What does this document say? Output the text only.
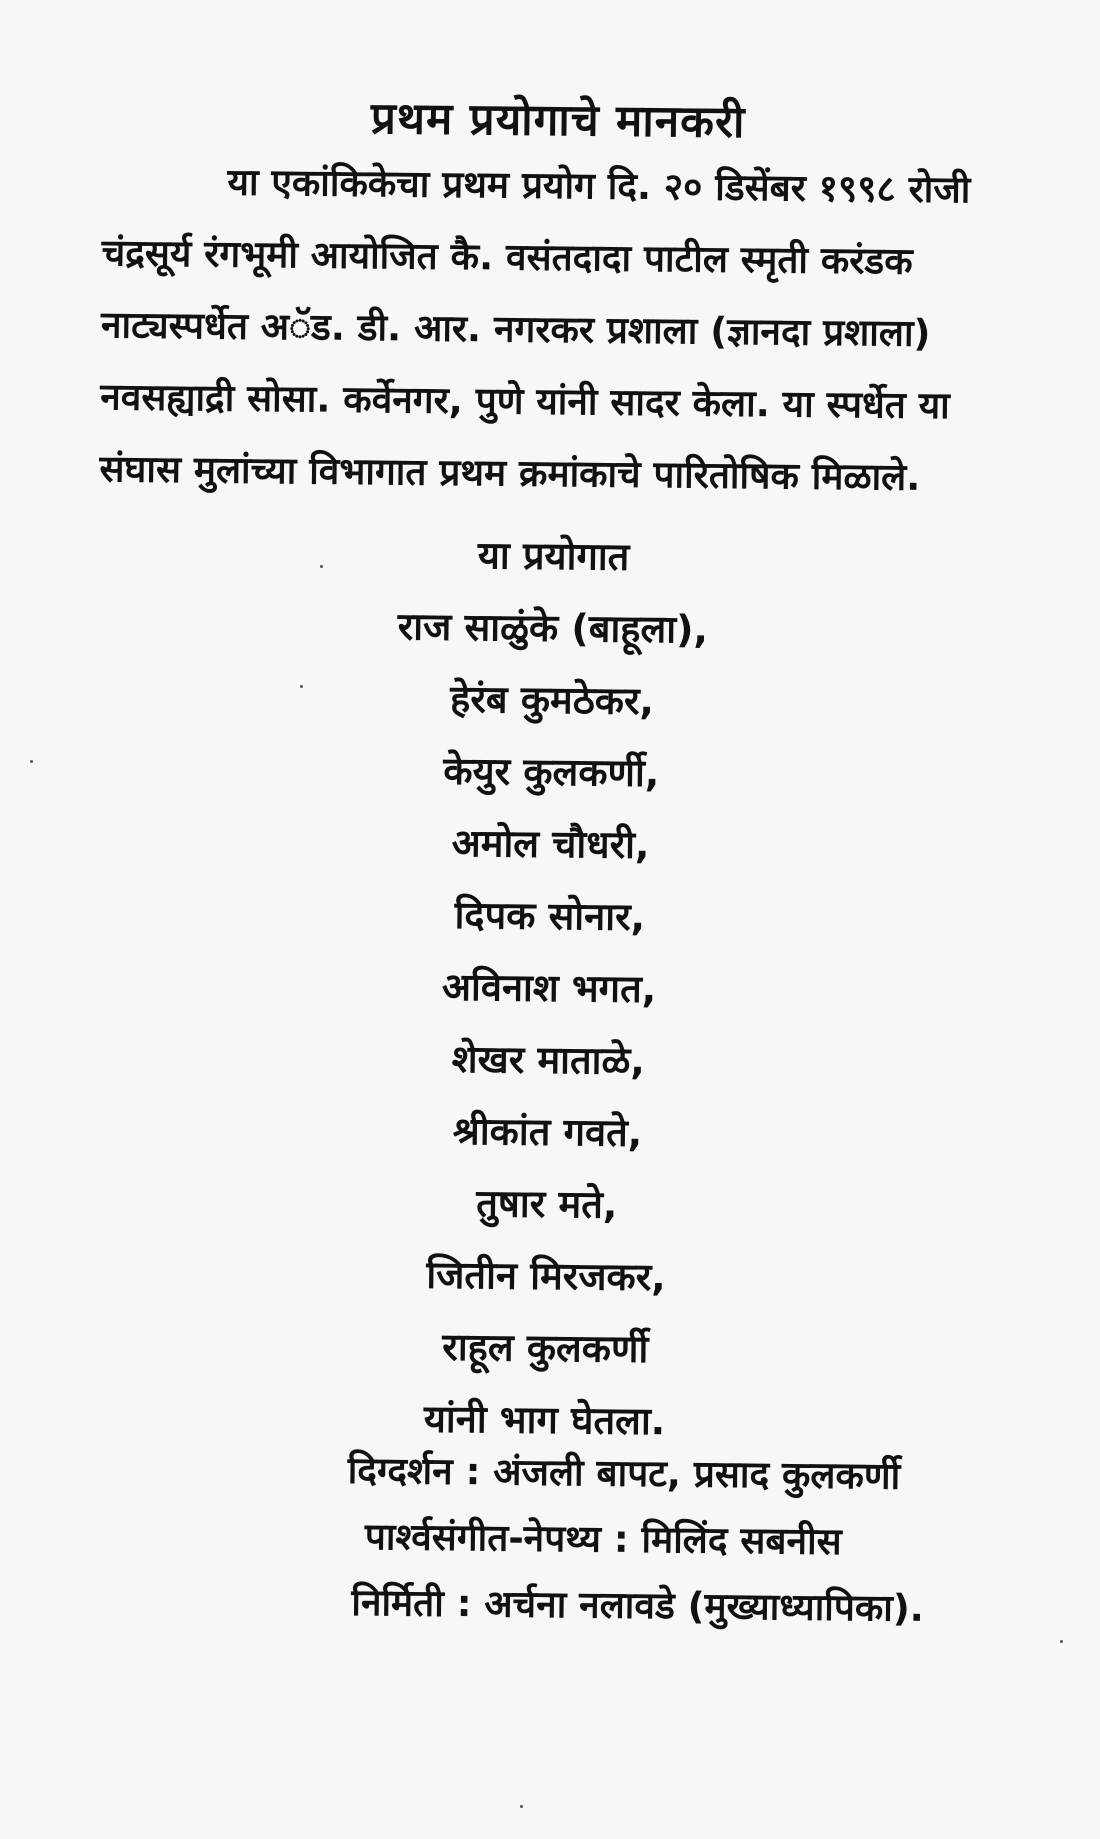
प्रथम प्रयोगाचे मानकरी
या एकांकिकेचा प्रथम प्रयोग दि. २० डिसेंबर १९९८ रोजी
चंद्रसूर्य रंगभूमी आयोजित कै. वसंतदादा पाटील स्मृती करंडक
नाट्यस्पर्धेत अॅड. डी. आर. नगरकर प्रशाला (ज्ञानदा प्रशाला)
नवसह्याद्री सोसा. कर्वेनगर, पुणे यांनी सादर केला. या स्पर्धेत या
संघास मुलांच्या विभागात प्रथम क्रमांकाचे पारितोषिक मिळाले.
या प्रयोगात
राज साळुंके (बाहूला),
हेरंब कुमठेकर,
केयुर कुलकर्णी,
अमोल चौधरी,
दिपक सोनार,
अविनाश भगत,
शेखर माताळे,
श्रीकांत गवते,
तुषार मते,
जितीन मिरजकर,
राहूल कुलकर्णी
यांनी भाग घेतला.
दिग्दर्शन : अंजली बापट, प्रसाद कुलकर्णी
पार्श्वसंगीत-नेपथ्य : मिलिंद सबनीस
निर्मिती : अर्चना नलावडे (मुख्याध्यापिका).
